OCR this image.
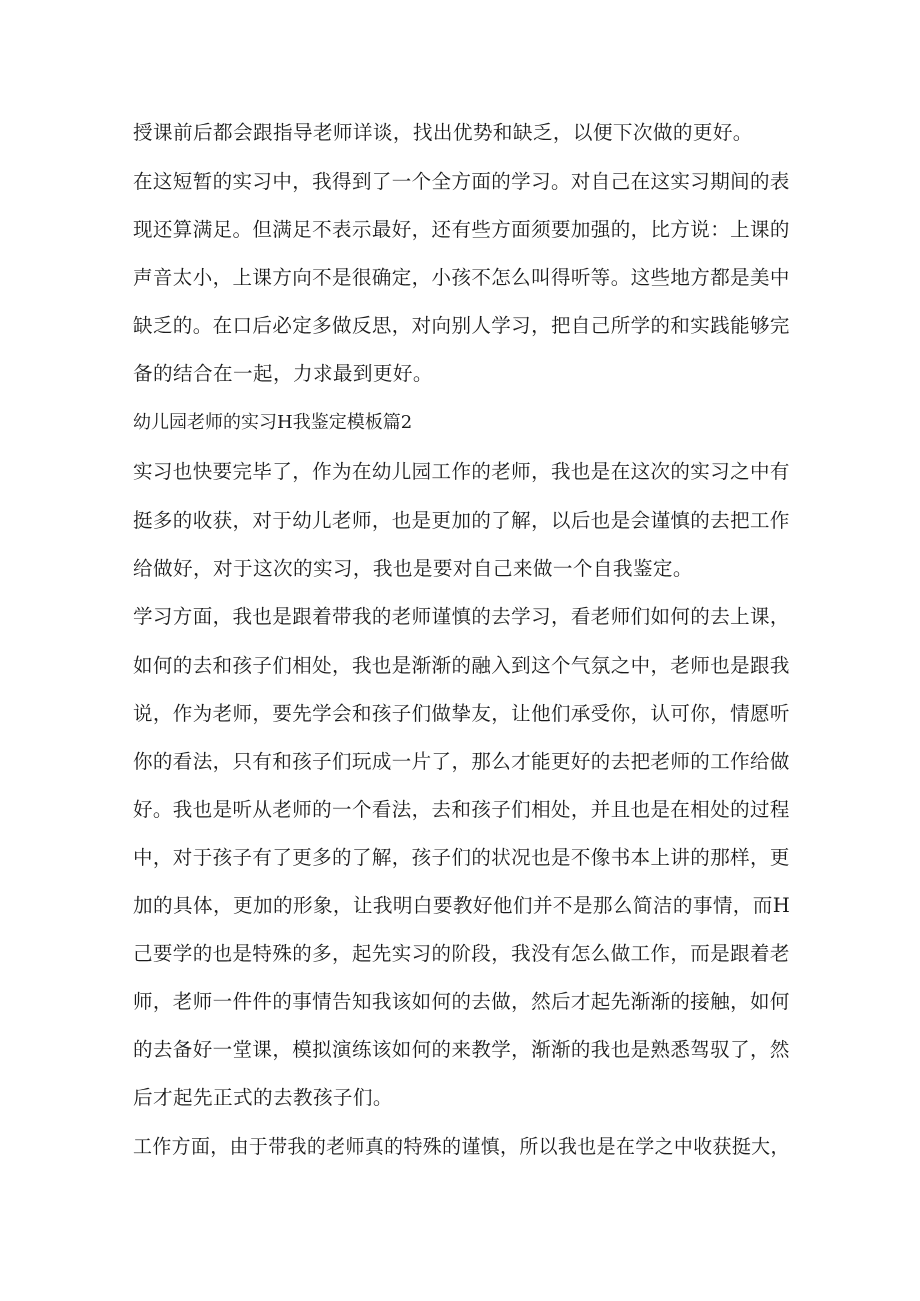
授课前后都会跟指导老师详谈，找出优势和缺乏，以便下次做的更好。
在这短暂的实习中，我得到了一个全方面的学习。对自己在这实习期间的表
现还算满足。但满足不表示最好，还有些方面须要加强的，比方说：上课的
声音太小，上课方向不是很确定，小孩不怎么叫得听等。这些地方都是美中
缺乏的。在口后必定多做反思，对向别人学习，把自己所学的和实践能够完
备的结合在一起，力求最到更好。
幼儿园老师的实习H我鉴定模板篇2
实习也快要完毕了，作为在幼儿园工作的老师，我也是在这次的实习之中有
挺多的收获，对于幼儿老师，也是更加的了解，以后也是会谨慎的去把工作
给做好，对于这次的实习，我也是要对自己来做一个自我鉴定。
学习方面，我也是跟着带我的老师谨慎的去学习，看老师们如何的去上课，
如何的去和孩子们相处，我也是渐渐的融入到这个气氛之中，老师也是跟我
说，作为老师，要先学会和孩子们做挚友，让他们承受你，认可你，情愿听
你的看法，只有和孩子们玩成一片了，那么才能更好的去把老师的工作给做
好。我也是听从老师的一个看法，去和孩子们相处，并且也是在相处的过程
中，对于孩子有了更多的了解，孩子们的状况也是不像书本上讲的那样，更
加的具体，更加的形象，让我明白要教好他们并不是那么简洁的事情，而H
己要学的也是特殊的多，起先实习的阶段，我没有怎么做工作，而是跟着老
师，老师一件件的事情告知我该如何的去做，然后才起先渐渐的接触，如何
的去备好一堂课，模拟演练该如何的来教学，渐渐的我也是熟悉驾驭了，然
后才起先正式的去教孩子们。
工作方面，由于带我的老师真的特殊的谨慎，所以我也是在学之中收获挺大，
